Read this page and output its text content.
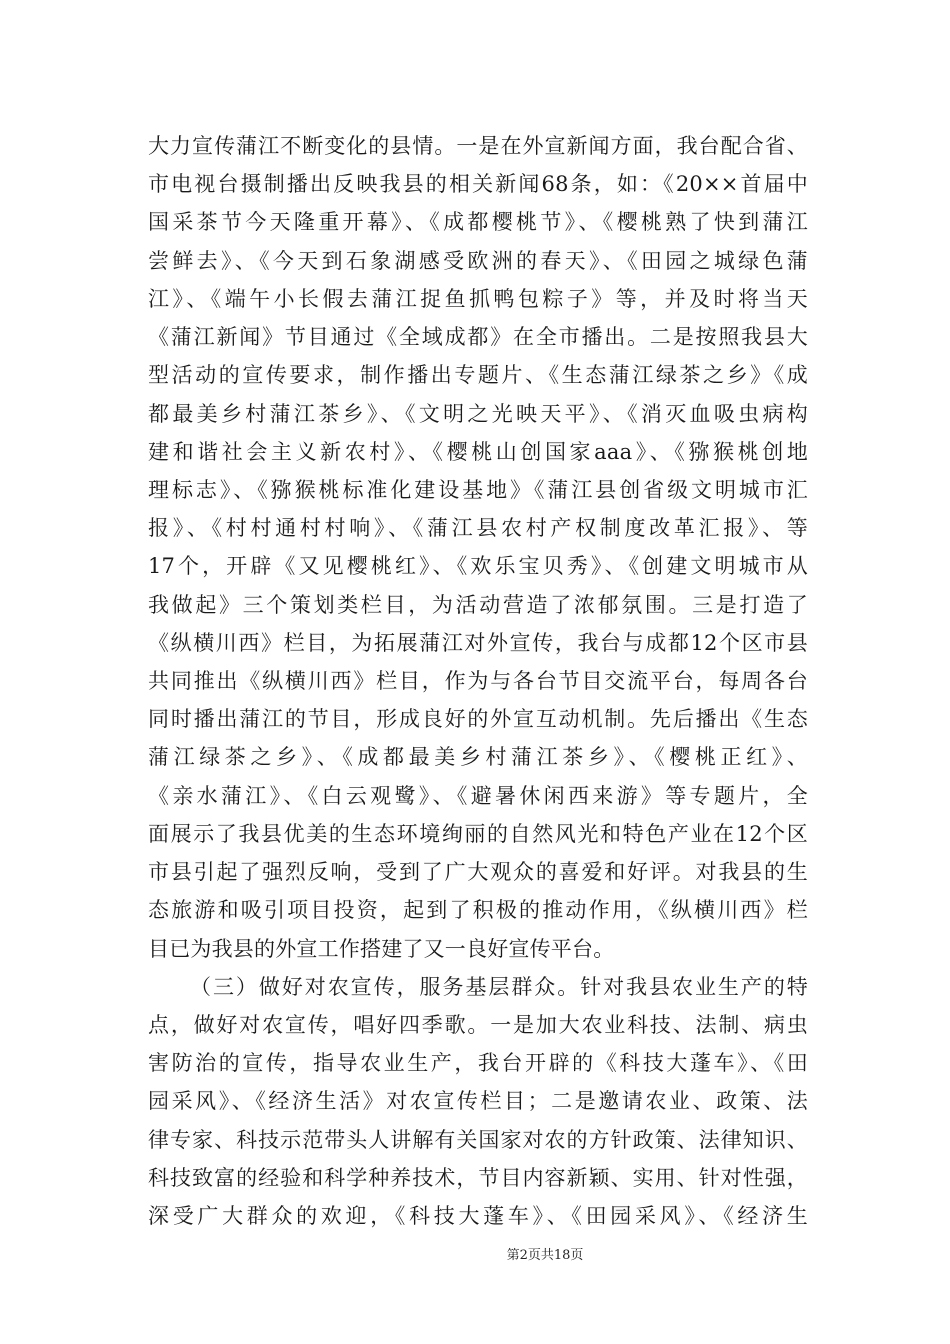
大力宣传蒲江不断变化的县情。一是在外宣新闻方面，我台配合省、
市电视台摄制播出反映我县的相关新闻68条，如：《20××首届中
国采茶节今天隆重开幕》、《成都樱桃节》、《樱桃熟了快到蒲江
尝鲜去》、《今天到石象湖感受欧洲的春天》、《田园之城绿色蒲
江》、《端午小长假去蒲江捉鱼抓鸭包粽子》等，并及时将当天
《蒲江新闻》节目通过《全域成都》在全市播出。二是按照我县大
型活动的宣传要求，制作播出专题片、《生态蒲江绿茶之乡》《成
都最美乡村蒲江茶乡》、《文明之光映天平》、《消灭血吸虫病构
建和谐社会主义新农村》、《樱桃山创国家aaa》、《猕猴桃创地
理标志》、《猕猴桃标准化建设基地》《蒲江县创省级文明城市汇
报》、《村村通村村响》、《蒲江县农村产权制度改革汇报》、等
17个，开辟《又见樱桃红》、《欢乐宝贝秀》、《创建文明城市从
我做起》三个策划类栏目，为活动营造了浓郁氛围。三是打造了
《纵横川西》栏目，为拓展蒲江对外宣传，我台与成都12个区市县
共同推出《纵横川西》栏目，作为与各台节目交流平台，每周各台
同时播出蒲江的节目，形成良好的外宣互动机制。先后播出《生态
蒲江绿茶之乡》、《成都最美乡村蒲江茶乡》、《樱桃正红》、
《亲水蒲江》、《白云观鹭》、《避暑休闲西来游》等专题片，全
面展示了我县优美的生态环境绚丽的自然风光和特色产业在12个区
市县引起了强烈反响，受到了广大观众的喜爱和好评。对我县的生
态旅游和吸引项目投资，起到了积极的推动作用，《纵横川西》栏
目已为我县的外宣工作搭建了又一良好宣传平台。
（三）做好对农宣传，服务基层群众。针对我县农业生产的特
点，做好对农宣传，唱好四季歌。一是加大农业科技、法制、病虫
害防治的宣传，指导农业生产，我台开辟的《科技大蓬车》、《田
园采风》、《经济生活》对农宣传栏目；二是邀请农业、政策、法
律专家、科技示范带头人讲解有关国家对农的方针政策、法律知识、
科技致富的经验和科学种养技术，节目内容新颖、实用、针对性强，
深受广大群众的欢迎，《科技大蓬车》、《田园采风》、《经济生
第2页共18页
